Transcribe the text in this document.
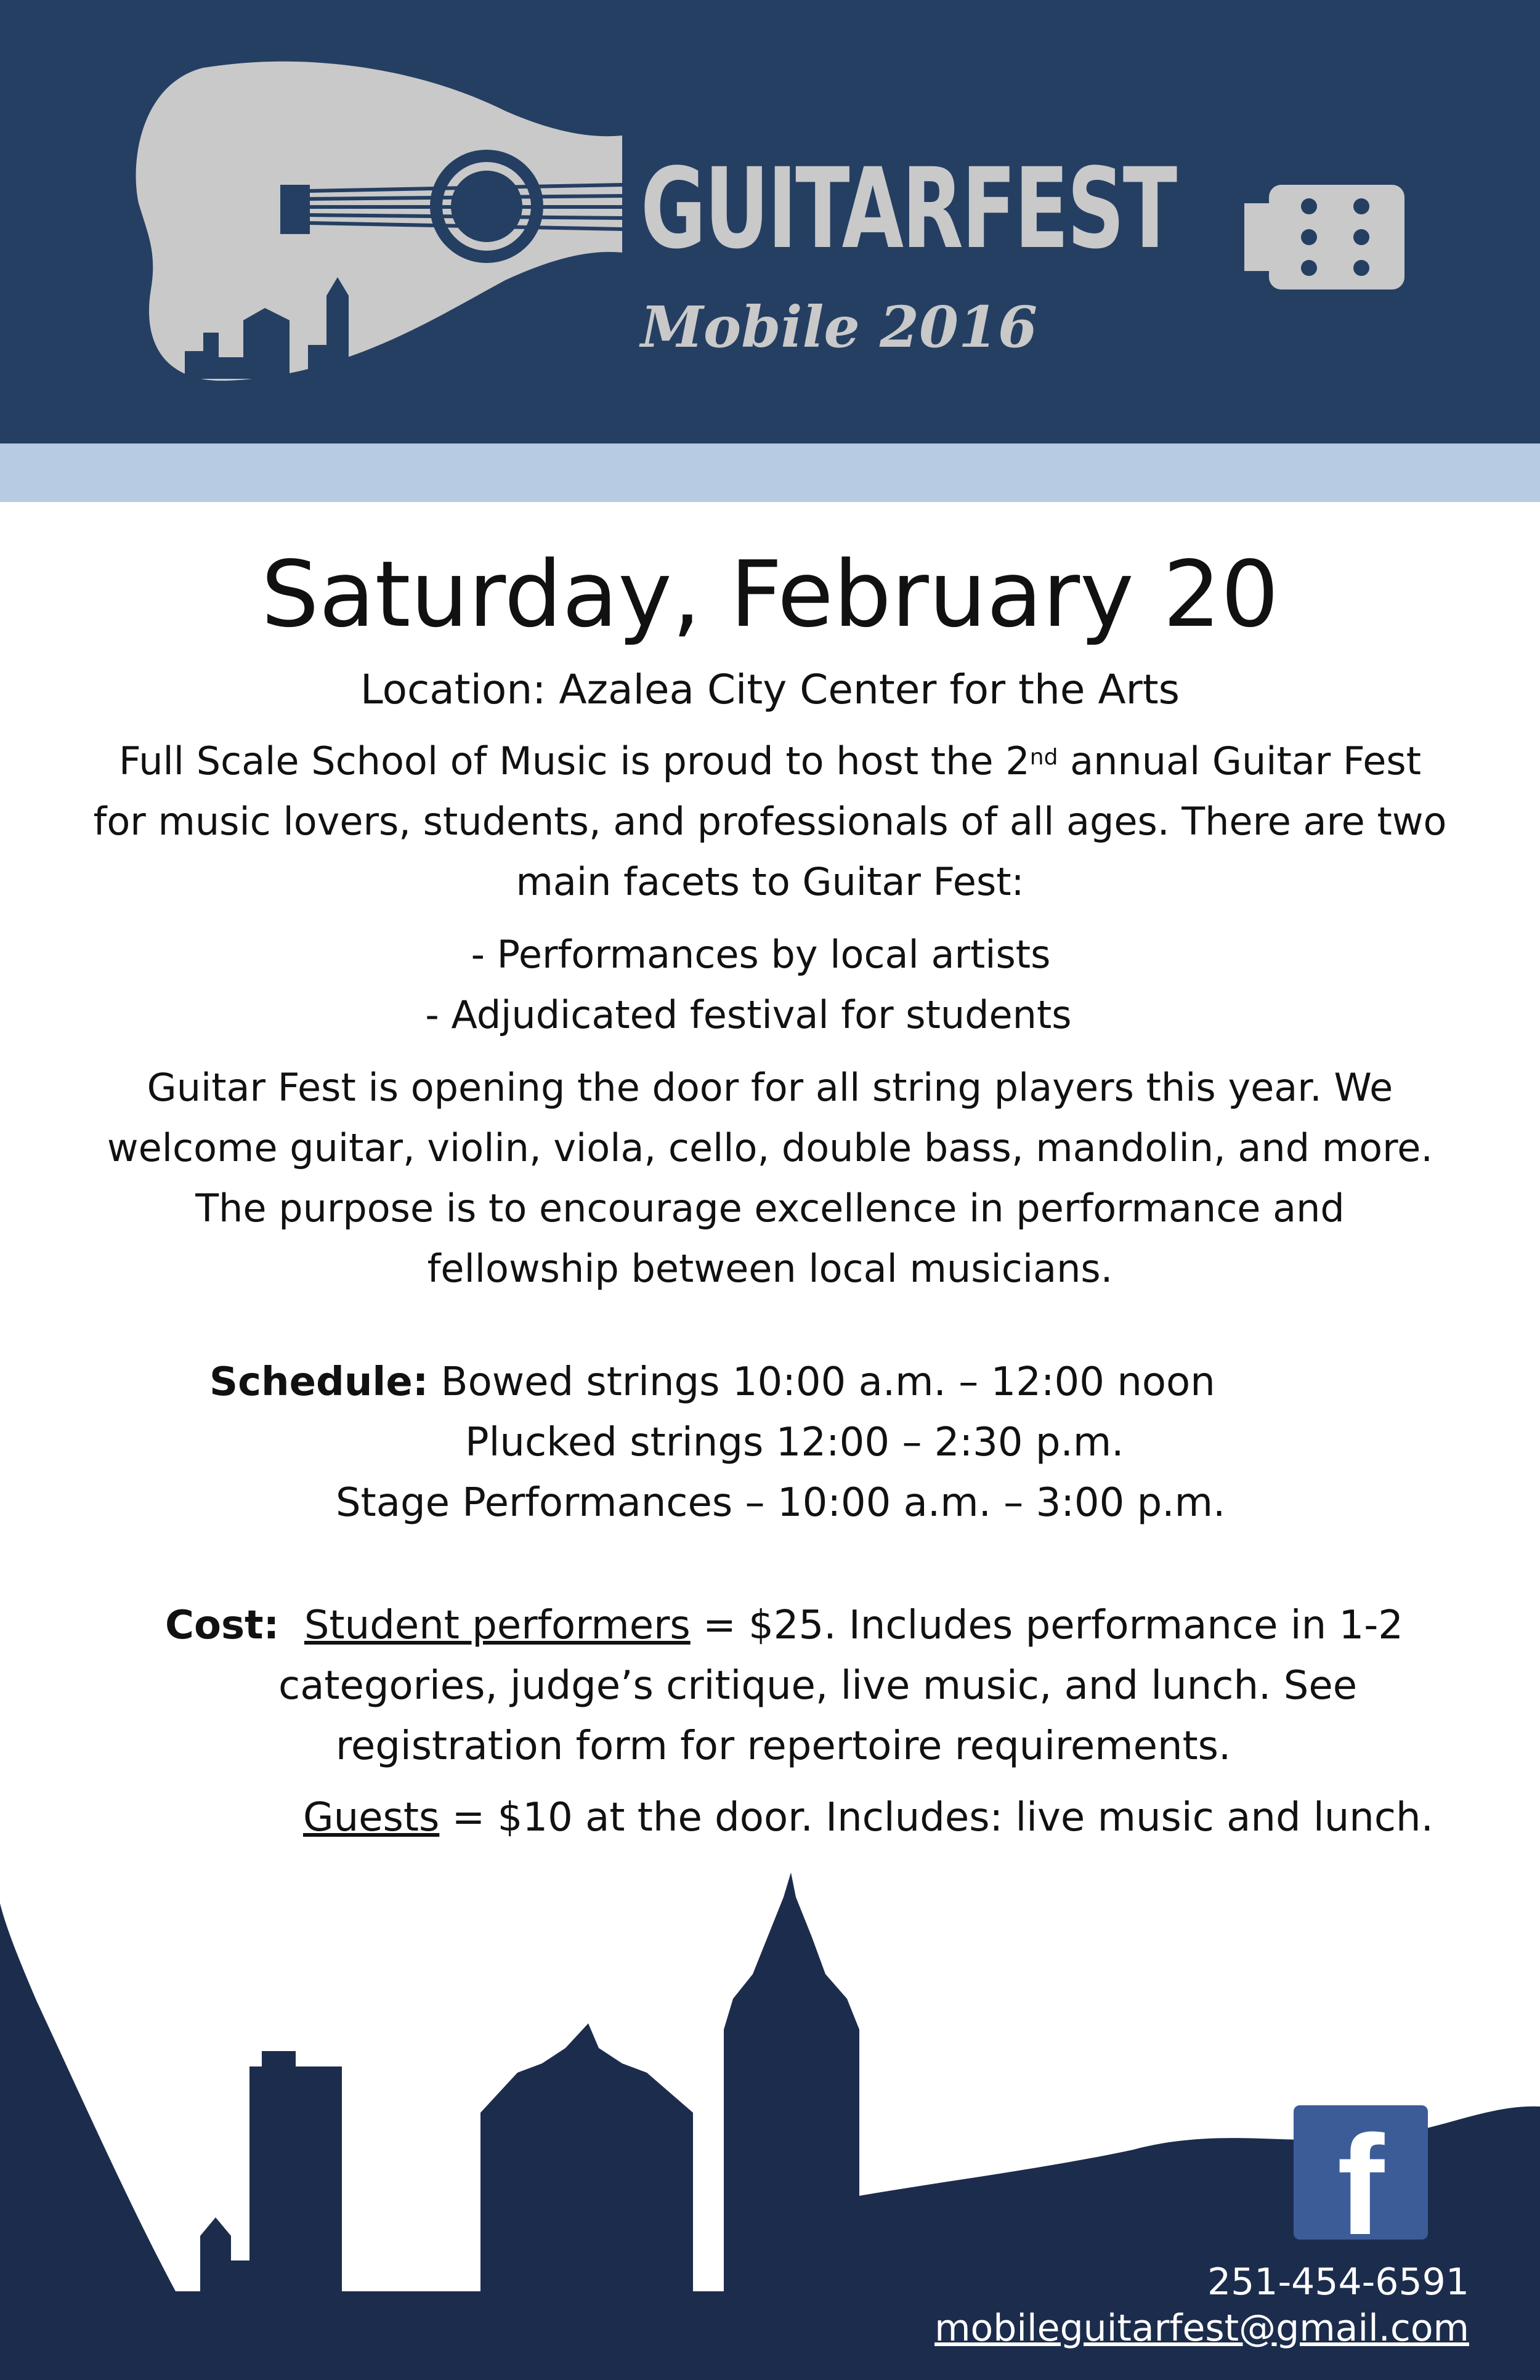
GUITARFEST
Mobile 2016
Saturday, February 20
Location: Azalea City Center for the Arts
Full Scale School of Music is proud to host the 2nd annual Guitar Fest
for music lovers, students, and professionals of all ages. There are two
main facets to Guitar Fest:
- Performances by local artists
- Adjudicated festival for students
Guitar Fest is opening the door for all string players this year. We
welcome guitar, violin, viola, cello, double bass, mandolin, and more.
The purpose is to encourage excellence in performance and
fellowship between local musicians.
Schedule: Bowed strings 10:00 a.m. – 12:00 noon
Plucked strings 12:00 – 2:30 p.m.
Stage Performances – 10:00 a.m. – 3:00 p.m.
Cost: Student performers = $25. Includes performance in 1-2
categories, judge’s critique, live music, and lunch. See
registration form for repertoire requirements.
Guests = $10 at the door. Includes: live music and lunch.
f
251-454-6591
mobileguitarfest@gmail.com
